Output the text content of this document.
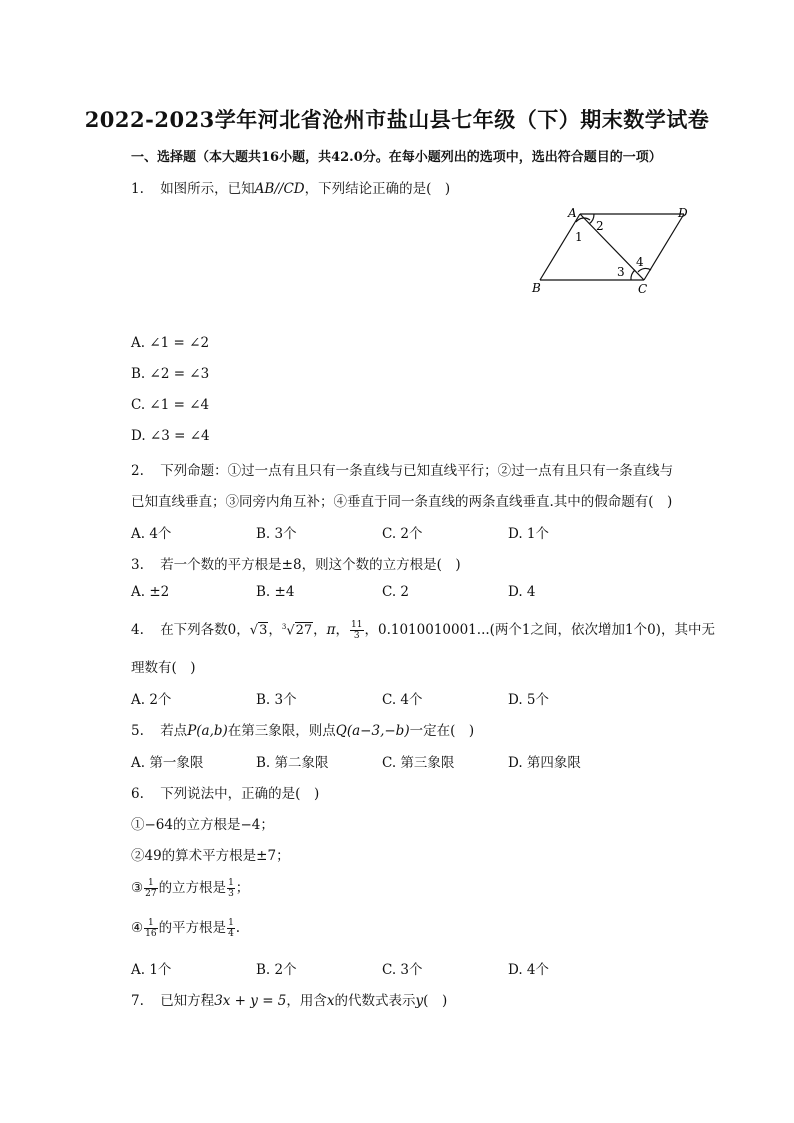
2022-2023学年河北省沧州市盐山县七年级（下）期末数学试卷
一、选择题（本大题共16小题，共42.0分。在每小题列出的选项中，选出符合题目的一项）
1. 如图所示，已知AB//CD，下列结论正确的是(　)
A	D
B	C
1
2
3
4
A. ∠1 = ∠2
B. ∠2 = ∠3
C. ∠1 = ∠4
D. ∠3 = ∠4
2. 下列命题：①过一点有且只有一条直线与已知直线平行；②过一点有且只有一条直线与
已知直线垂直；③同旁内角互补；④垂直于同一条直线的两条直线垂直.其中的假命题有(　)
A. 4个	B. 3个	C. 2个	D. 1个
3. 若一个数的平方根是±8，则这个数的立方根是(　)
A. ±2	B. ±4	C. 2	D. 4
4. 在下列各数0，√3，$^3$√27，π， $\frac{11}{3}$ ，0.1010010001...(两个1之间，依次增加1个0)，其中无
理数有(　)
A. 2个	B. 3个	C. 4个	D. 5个
5. 若点P(a,b)在第三象限，则点Q(a−3,−b)一定在(　)
A. 第一象限	B. 第二象限	C. 第三象限	D. 第四象限
6. 下列说法中，正确的是(　)
①−64的立方根是−4；
②49的算术平方根是±7；
③ $\frac{1}{27}$ 的立方根是 $\frac{1}{3}$ ；
④ $\frac{1}{16}$ 的平方根是 $\frac{1}{4}$ .
A. 1个	B. 2个	C. 3个	D. 4个
7. 已知方程3x + y = 5，用含x的代数式表示y(　)
